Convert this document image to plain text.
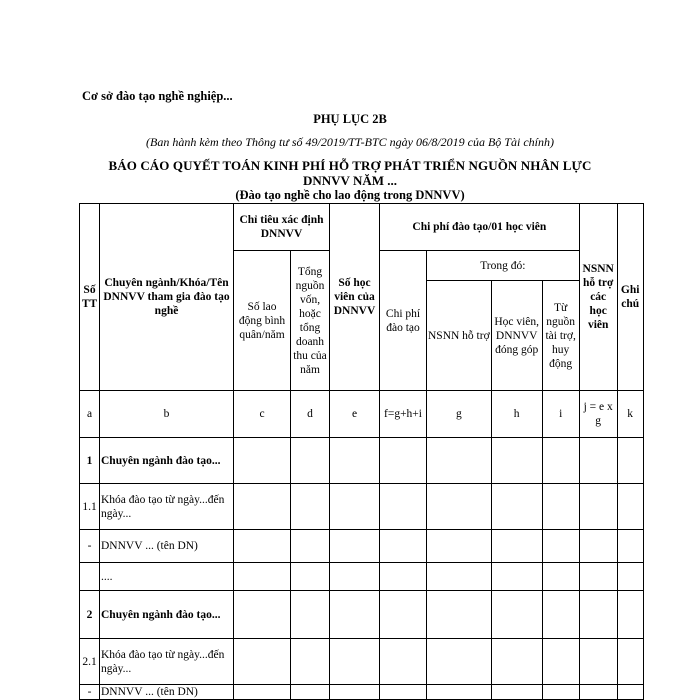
Cơ sở đào tạo nghề nghiệp...
PHỤ LỤC 2B
(Ban hành kèm theo Thông tư số 49/2019/TT-BTC ngày 06/8/2019 của Bộ Tài chính)
BÁO CÁO QUYẾT TOÁN KINH PHÍ HỖ TRỢ PHÁT TRIỂN NGUỒN NHÂN LỰC
DNNVV NĂM ...
(Đào tạo nghề cho lao động trong DNNVV)
Số TT	Chuyên ngành/Khóa/Tên DNNVV tham gia đào tạo nghề	Chỉ tiêu xác định DNNVV		Số học viên của DNNVV	Chi phí đào tạo/01 học viên				NSNN hỗ trợ các học viên	Ghi chú
		Số lao động bình quân/năm	Tổng nguồn vốn, hoặc tổng doanh thu của năm		Chi phí đào tạo	Trong đó:				
						NSNN hỗ trợ	Học viên, DNNVV đóng góp	Từ nguồn tài trợ, huy động		
a	b	c	d	e	f=g+h+i	g	h	i	j = e x g	k
1	Chuyên ngành đào tạo...									
1.1	Khóa đào tạo từ ngày...đến ngày...									
-	DNNVV ... (tên DN)									
	....									
2	Chuyên ngành đào tạo...									
2.1	Khóa đào tạo từ ngày...đến ngày...									
-	DNNVV ... (tên DN)									
